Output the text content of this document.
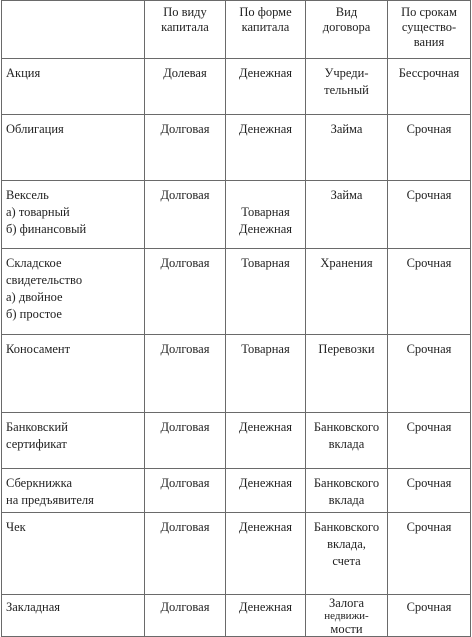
	По виду
капитала	По форме
капитала	Вид
договора	По срокам
существо-
вания

Акция	Долевая	Денежная	Учреди-
тельный	Бессрочная

Облигация	Долговая	Денежная	Займа	Срочная

Вексель
а) товарный
б) финансовый	Долговая	Товарная
Денежная	Займа	Срочная

Складское
свидетельство
а) двойное
б) простое	Долговая	Товарная	Хранения	Срочная

Коносамент	Долговая	Товарная	Перевозки	Срочная

Банковский
сертификат	Долговая	Денежная	Банковского
вклада	Срочная

Сберкнижка
на предъявителя	Долговая	Денежная	Банковского
вклада	Срочная

Чек	Долговая	Денежная	Банковского
вклада,
счета	Срочная

Закладная	Долговая	Денежная	Залога
недвижи-
мости	Срочная
